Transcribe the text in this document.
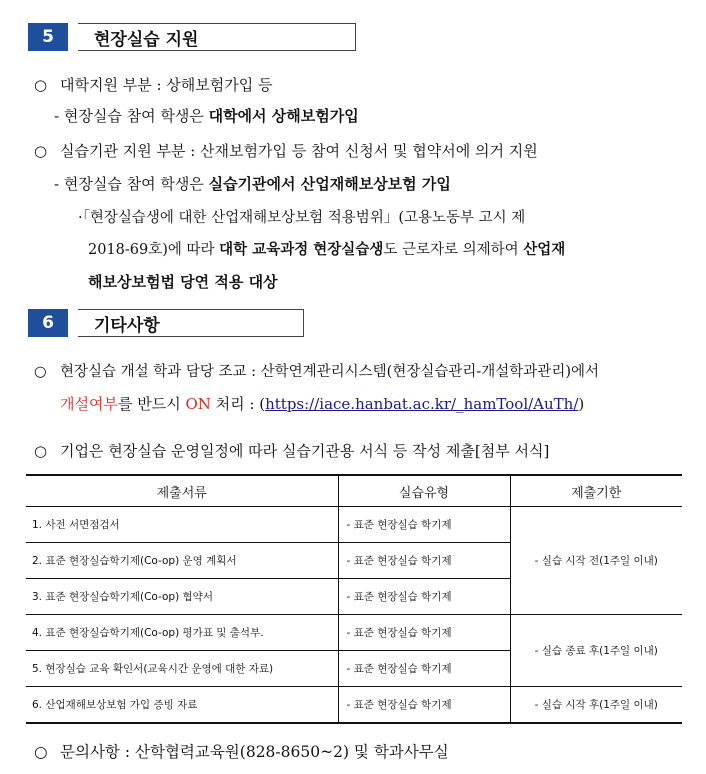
5	현장실습 지원
○ 대학지원 부분 : 상해보험가입 등
- 현장실습 참여 학생은 대학에서 상해보험가입
○ 실습기관 지원 부분 : 산재보험가입 등 참여 신청서 및 협약서에 의거 지원
- 현장실습 참여 학생은 실습기관에서 산업재해보상보험 가입
·「현장실습생에 대한 산업재해보상보험 적용범위」(고용노동부 고시 제
2018-69호)에 따라 대학 교육과정 현장실습생도 근로자로 의제하여 산업재
해보상보험법 당연 적용 대상
6	기타사항
○ 현장실습 개설 학과 담당 조교 : 산학연계관리시스템(현장실습관리-개설학과관리)에서
개설여부를 반드시 ON 처리 : (https://iace.hanbat.ac.kr/_hamTool/AuTh/)
○ 기업은 현장실습 운영일정에 따라 실습기관용 서식 등 작성 제출[첨부 서식]
제출서류	실습유형	제출기한
1. 사전 서면점검서	- 표준 현장실습 학기제	- 실습 시작 전(1주일 이내)
2. 표준 현장실습학기제(Co-op) 운영 계획서	- 표준 현장실습 학기제	
3. 표준 현장실습학기제(Co-op) 협약서	- 표준 현장실습 학기제	
4. 표준 현장실습학기제(Co-op) 평가표 및 출석부.	- 표준 현장실습 학기제	- 실습 종료 후(1주일 이내)
5. 현장실습 교육 확인서(교육시간 운영에 대한 자료)	- 표준 현장실습 학기제	
6. 산업재해보상보험 가입 증빙 자료	- 표준 현장실습 학기제	- 실습 시작 후(1주일 이내)
○ 문의사항 : 산학협력교육원(828-8650~2) 및 학과사무실
